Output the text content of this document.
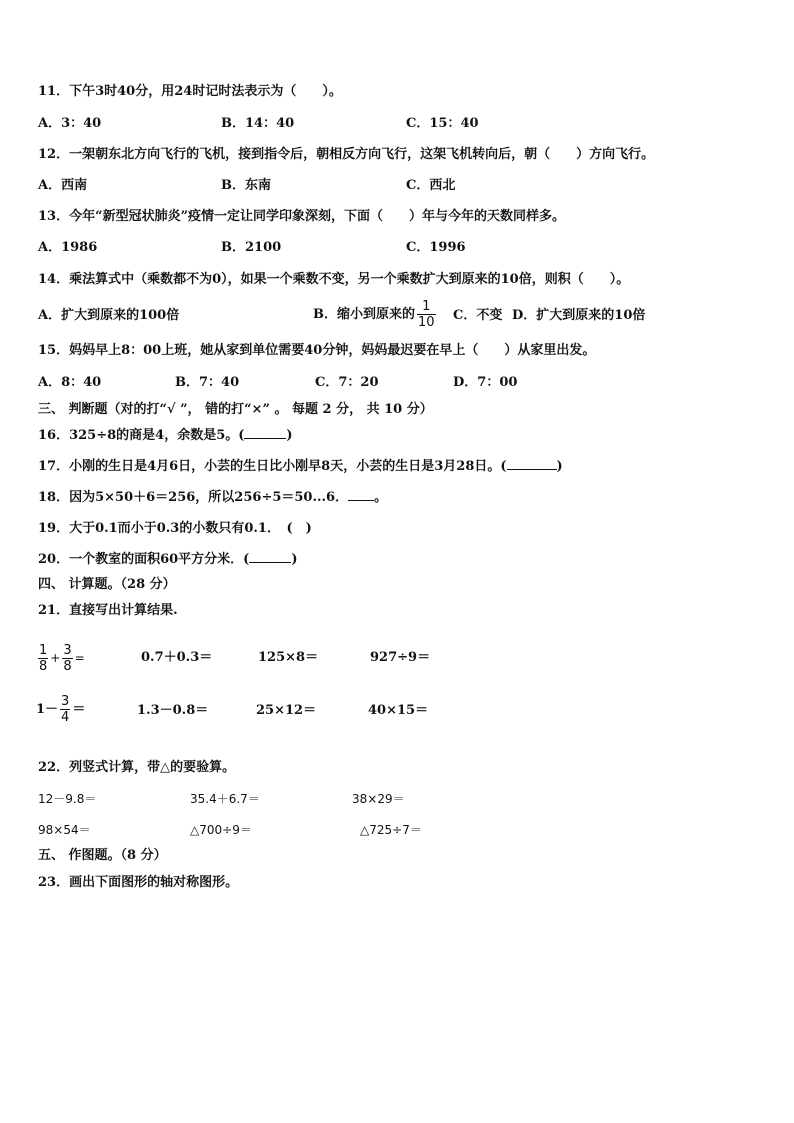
11．下午3时40分，用24时记时法表示为（　　）。
A．3：40	B．14：40	C．15：40
12．一架朝东北方向飞行的飞机，接到指令后，朝相反方向飞行，这架飞机转向后，朝（　　）方向飞行。
A．西南	B．东南	C．西北
13．今年“新型冠状肺炎”疫情一定让同学印象深刻，下面（　　）年与今年的天数同样多。
A．1986	B．2100	C．1996
14．乘法算式中（乘数都不为0），如果一个乘数不变，另一个乘数扩大到原来的10倍，则积（　　）。
A．扩大到原来的100倍	B．缩小到原来的 $\frac{1}{10}$ C．不变 D．扩大到原来的10倍
15．妈妈早上8：00上班，她从家到单位需要40分钟，妈妈最迟要在早上（　　）从家里出发。
A．8：40	B．7：40	C．7：20	D．7：00
三、 判断题（对的打“√ ”， 错的打“×” 。 每题 2 分， 共 10 分）
16．325÷8的商是4，余数是5。(	)
17．小刚的生日是4月6日，小芸的生日比小刚早8天，小芸的生日是3月28日。(	)
18．因为5×50＋6＝256，所以256÷5＝50...6． 。
19．大于0.1而小于0.3的小数只有0.1．　(　)
20．一个教室的面积60平方分米．(	)
四、 计算题。（28 分）
21．直接写出计算结果.
$\frac{1}{8} + \frac{3}{8}$ =	0.7＋0.3＝	125×8＝	927÷9＝
$1- \frac{3}{4}$ ＝	1.3－0.8＝	25×12＝	40×15＝
22．列竖式计算，带△的要验算。
12－9.8＝	35.4＋6.7＝	38×29＝
98×54＝	△700÷9＝	△725÷7＝
五、 作图题。（8 分）
23．画出下面图形的轴对称图形。
